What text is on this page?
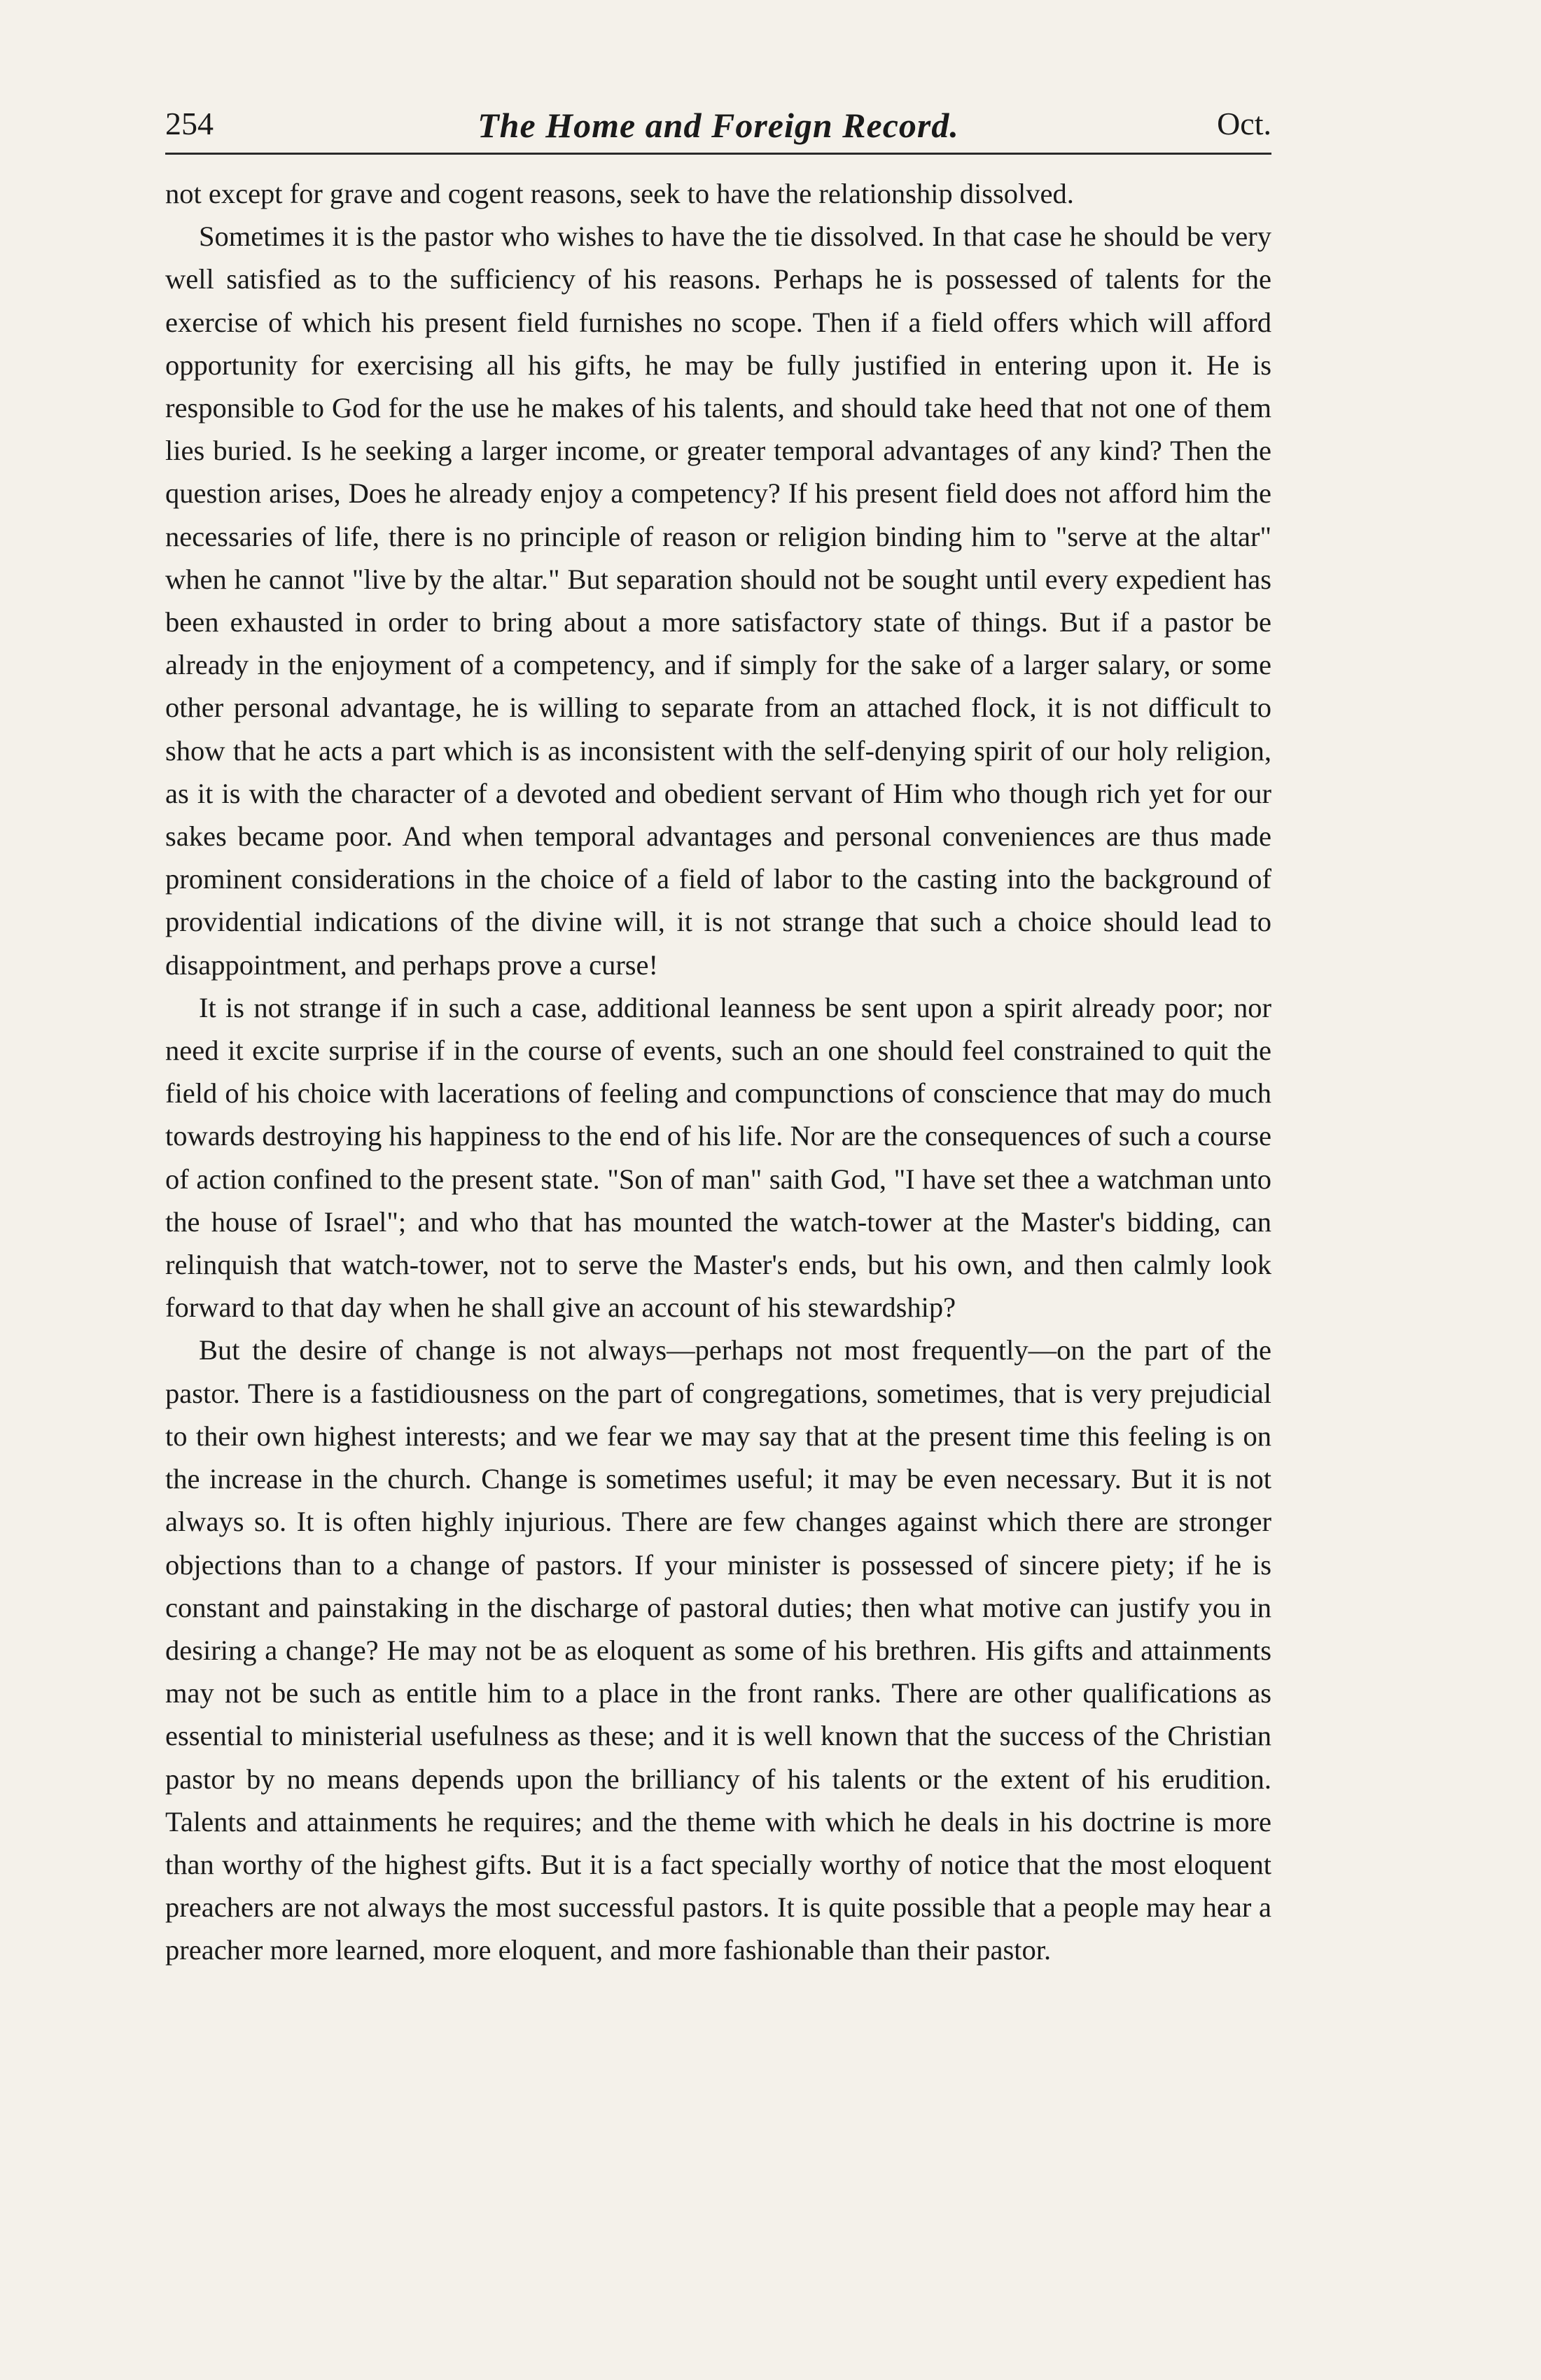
254	The Home and Foreign Record.	Oct.

not except for grave and cogent reasons, seek to have the relationship dissolved.

Sometimes it is the pastor who wishes to have the tie dissolved. In that case he should be very well satisfied as to the sufficiency of his reasons. Perhaps he is possessed of talents for the exercise of which his present field furnishes no scope. Then if a field offers which will afford opportunity for exercising all his gifts, he may be fully justified in entering upon it. He is responsible to God for the use he makes of his talents, and should take heed that not one of them lies buried. Is he seeking a larger income, or greater temporal advantages of any kind? Then the question arises, Does he already enjoy a competency? If his present field does not afford him the necessaries of life, there is no principle of reason or religion binding him to "serve at the altar" when he cannot "live by the altar." But separation should not be sought until every expedient has been exhausted in order to bring about a more satisfactory state of things. But if a pastor be already in the enjoyment of a competency, and if simply for the sake of a larger salary, or some other personal advantage, he is willing to separate from an attached flock, it is not difficult to show that he acts a part which is as inconsistent with the self-denying spirit of our holy religion, as it is with the character of a devoted and obedient servant of Him who though rich yet for our sakes became poor. And when temporal advantages and personal conveniences are thus made prominent considerations in the choice of a field of labor to the casting into the background of providential indications of the divine will, it is not strange that such a choice should lead to disappointment, and perhaps prove a curse!

It is not strange if in such a case, additional leanness be sent upon a spirit already poor; nor need it excite surprise if in the course of events, such an one should feel constrained to quit the field of his choice with lacerations of feeling and compunctions of conscience that may do much towards destroying his happiness to the end of his life. Nor are the consequences of such a course of action confined to the present state. "Son of man" saith God, "I have set thee a watchman unto the house of Israel"; and who that has mounted the watch-tower at the Master's bidding, can relinquish that watch-tower, not to serve the Master's ends, but his own, and then calmly look forward to that day when he shall give an account of his stewardship?

But the desire of change is not always—perhaps not most frequently—on the part of the pastor. There is a fastidiousness on the part of congregations, sometimes, that is very prejudicial to their own highest interests; and we fear we may say that at the present time this feeling is on the increase in the church. Change is sometimes useful; it may be even necessary. But it is not always so. It is often highly injurious. There are few changes against which there are stronger objections than to a change of pastors. If your minister is possessed of sincere piety; if he is constant and painstaking in the discharge of pastoral duties; then what motive can justify you in desiring a change? He may not be as eloquent as some of his brethren. His gifts and attainments may not be such as entitle him to a place in the front ranks. There are other qualifications as essential to ministerial usefulness as these; and it is well known that the success of the Christian pastor by no means depends upon the brilliancy of his talents or the extent of his erudition. Talents and attainments he requires; and the theme with which he deals in his doctrine is more than worthy of the highest gifts. But it is a fact specially worthy of notice that the most eloquent preachers are not always the most successful pastors. It is quite possible that a people may hear a preacher more learned, more eloquent, and more fashionable than their pastor.
